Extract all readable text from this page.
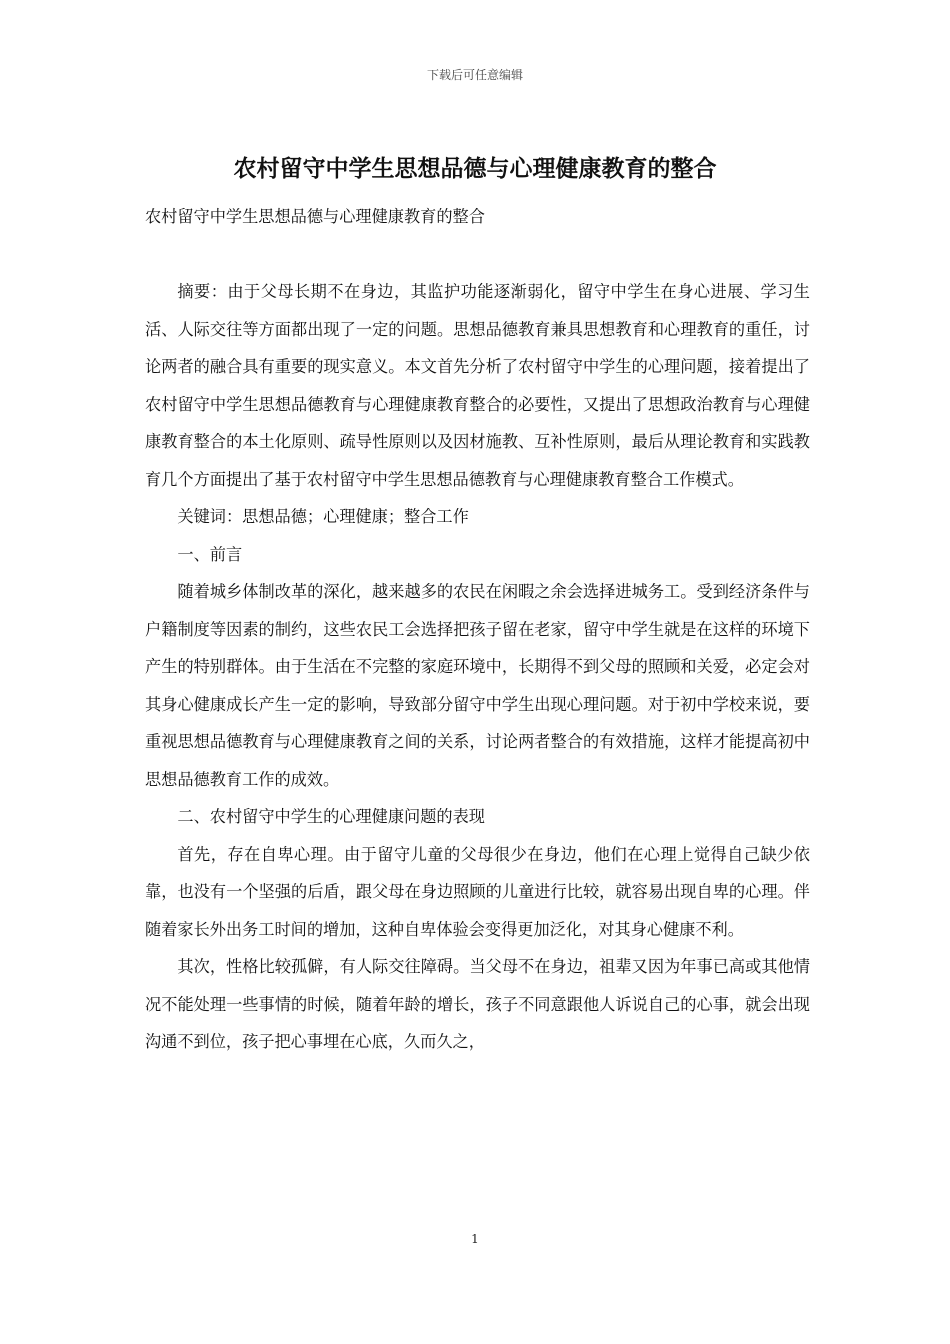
下载后可任意编辑
农村留守中学生思想品德与心理健康教育的整合

农村留守中学生思想品德与心理健康教育的整合

摘要：由于父母长期不在身边，其监护功能逐渐弱化，留守中学生在身心进展、学习生活、人际交往等方面都出现了一定的问题。思想品德教育兼具思想教育和心理教育的重任，讨论两者的融合具有重要的现实意义。本文首先分析了农村留守中学生的心理问题，接着提出了农村留守中学生思想品德教育与心理健康教育整合的必要性，又提出了思想政治教育与心理健康教育整合的本土化原则、疏导性原则以及因材施教、互补性原则，最后从理论教育和实践教育几个方面提出了基于农村留守中学生思想品德教育与心理健康教育整合工作模式。

关键词：思想品德；心理健康；整合工作

一、前言

随着城乡体制改革的深化，越来越多的农民在闲暇之余会选择进城务工。受到经济条件与户籍制度等因素的制约，这些农民工会选择把孩子留在老家，留守中学生就是在这样的环境下产生的特别群体。由于生活在不完整的家庭环境中，长期得不到父母的照顾和关爱，必定会对其身心健康成长产生一定的影响，导致部分留守中学生出现心理问题。对于初中学校来说，要重视思想品德教育与心理健康教育之间的关系，讨论两者整合的有效措施，这样才能提高初中思想品德教育工作的成效。

二、农村留守中学生的心理健康问题的表现

首先，存在自卑心理。由于留守儿童的父母很少在身边，他们在心理上觉得自己缺少依靠，也没有一个坚强的后盾，跟父母在身边照顾的儿童进行比较，就容易出现自卑的心理。伴随着家长外出务工时间的增加，这种自卑体验会变得更加泛化，对其身心健康不利。

其次，性格比较孤僻，有人际交往障碍。当父母不在身边，祖辈又因为年事已高或其他情况不能处理一些事情的时候，随着年龄的增长，孩子不同意跟他人诉说自己的心事，就会出现沟通不到位，孩子把心事埋在心底，久而久之，

1
